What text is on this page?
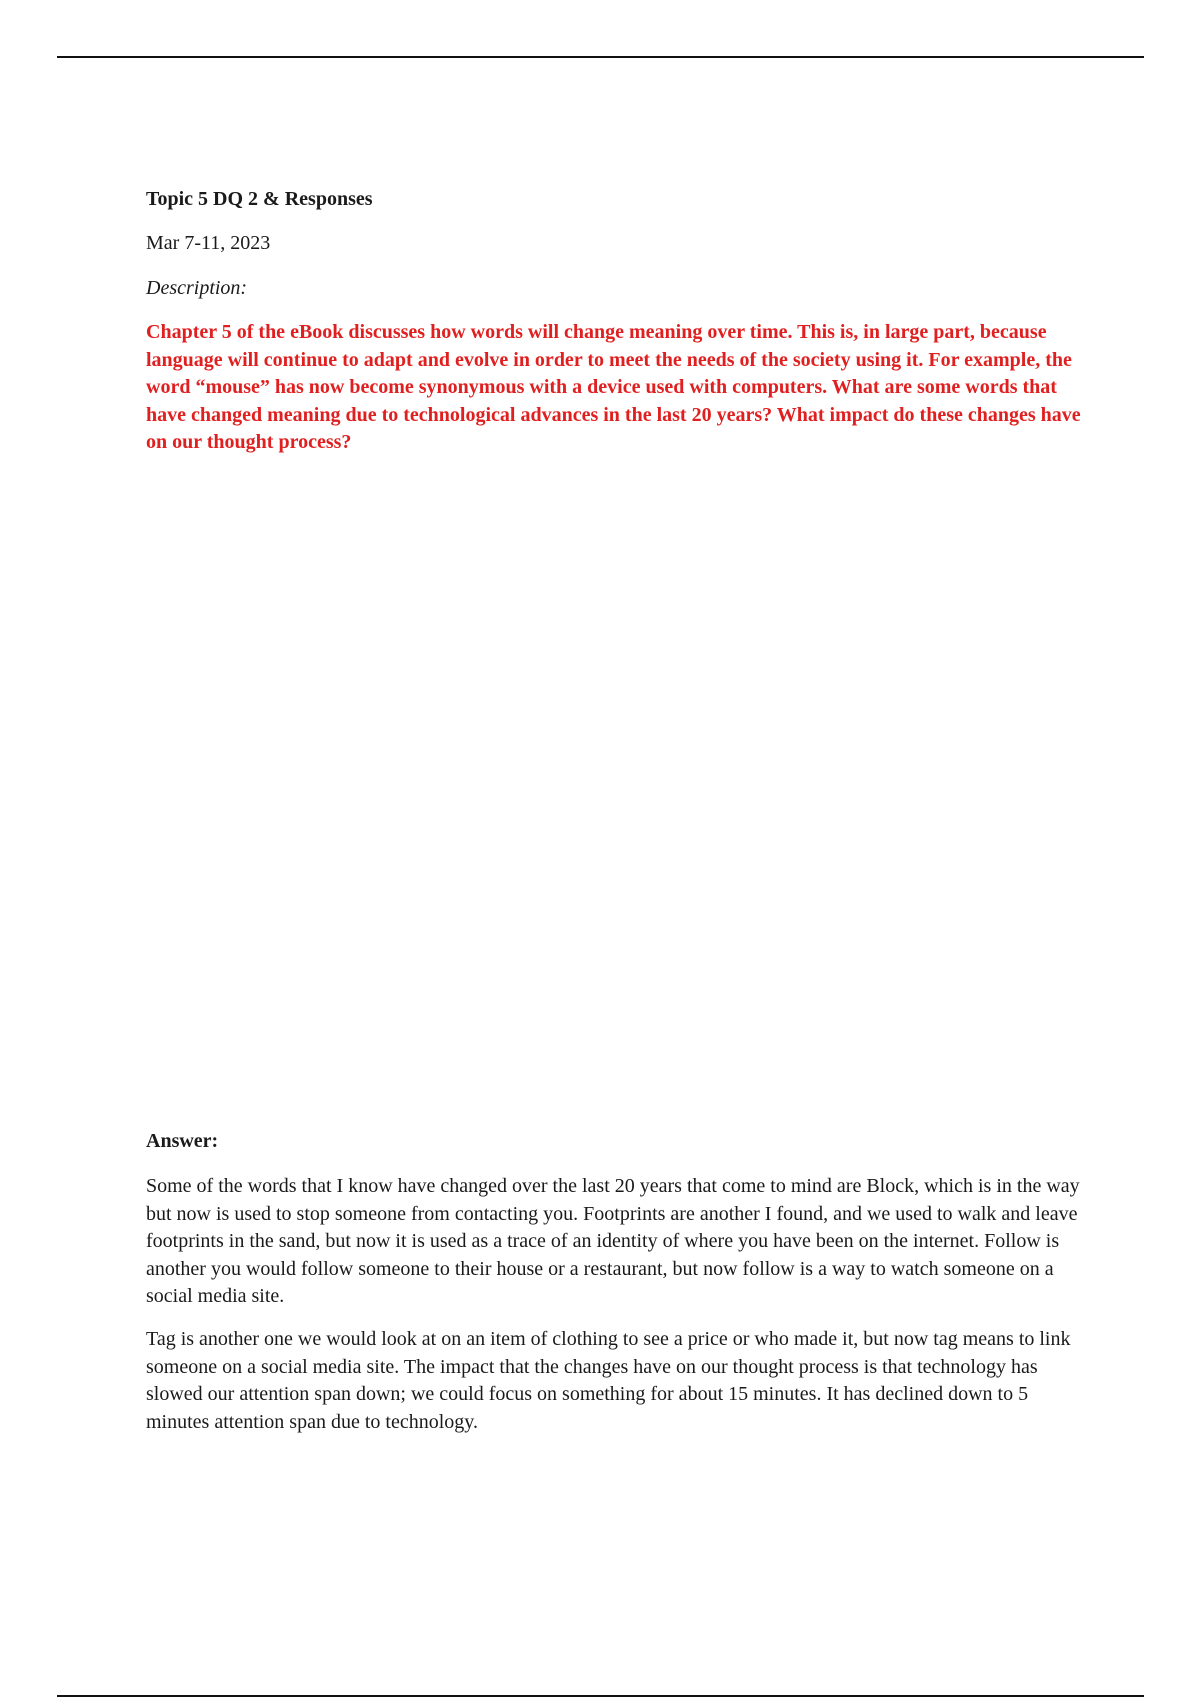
Topic 5 DQ 2 & Responses

Mar 7-11, 2023

Description:

Chapter 5 of the eBook discusses how words will change meaning over time. This is, in large part, because language will continue to adapt and evolve in order to meet the needs of the society using it. For example, the word “mouse” has now become synonymous with a device used with computers. What are some words that have changed meaning due to technological advances in the last 20 years? What impact do these changes have on our thought process?

Answer:

Some of the words that I know have changed over the last 20 years that come to mind are Block, which is in the way but now is used to stop someone from contacting you. Footprints are another I found, and we used to walk and leave footprints in the sand, but now it is used as a trace of an identity of where you have been on the internet. Follow is another you would follow someone to their house or a restaurant, but now follow is a way to watch someone on a social media site.

Tag is another one we would look at on an item of clothing to see a price or who made it, but now tag means to link someone on a social media site. The impact that the changes have on our thought process is that technology has slowed our attention span down; we could focus on something for about 15 minutes. It has declined down to 5 minutes attention span due to technology.
